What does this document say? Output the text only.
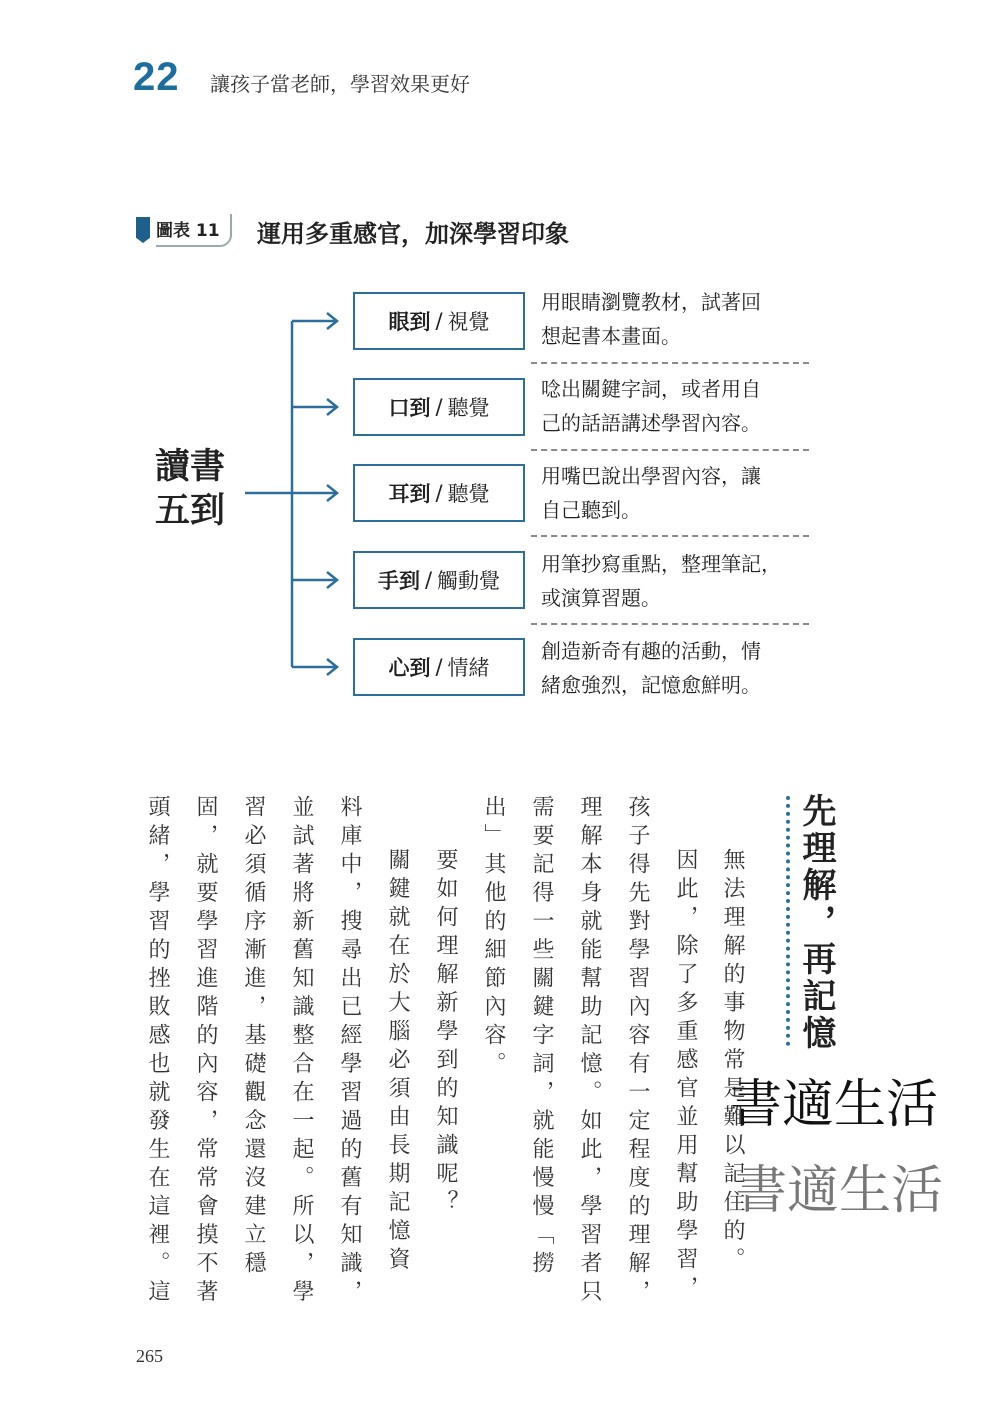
22 讓孩子當老師，學習效果更好
圖表 11	運用多重感官，加深學習印象
讀書
五到
眼到 / 視覺
用眼睛瀏覽教材，試著回
想起書本畫面。
口到 / 聽覺
唸出關鍵字詞，或者用自
己的話語講述學習內容。
耳到 / 聽覺
用嘴巴說出學習內容，讓
自己聽到。
手到 / 觸動覺
用筆抄寫重點，整理筆記，
或演算習題。
心到 / 情緒
創造新奇有趣的活動，情
緒愈強烈，記憶愈鮮明。
先理解，再記憶
無法理解的事物常是難以記住的。
因此，除了多重感官並用幫助學習，
孩子得先對學習內容有一定程度的理解，
理解本身就能幫助記憶。如此，學習者只
需要記得一些關鍵字詞，就能慢慢「撈
出」其他的細節內容。
要如何理解新學到的知識呢？
關鍵就在於大腦必須由長期記憶資
料庫中，搜尋出已經學習過的舊有知識，
並試著將新舊知識整合在一起。所以，學
習必須循序漸進，基礎觀念還沒建立穩
固，就要學習進階的內容，常常會摸不著
頭緒，學習的挫敗感也就發生在這裡。這	書適生活
書適生活
265
